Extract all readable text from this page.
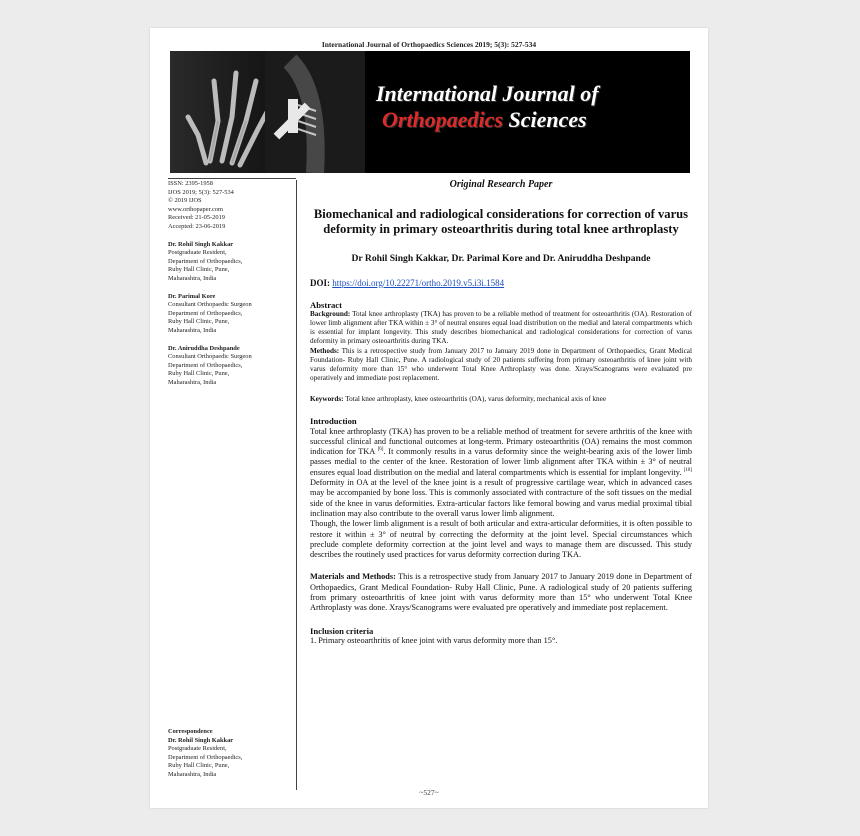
International Journal of Orthopaedics Sciences 2019; 5(3): 527-534
International Journal of
Orthopaedics Sciences
ISSN: 2395-1958
IJOS 2019; 5(3): 527-534
© 2019 IJOS
www.orthopaper.com
Received: 21-05-2019
Accepted: 23-06-2019
Dr. Rohil Singh Kakkar
Postgraduate Resident,
Department of Orthopaedics,
Ruby Hall Clinic, Pune,
Maharashtra, India
Dr. Parimal Kore
Consultant Orthopaedic Surgeon
Department of Orthopaedics,
Ruby Hall Clinic, Pune,
Maharashtra, India
Dr. Aniruddha Deshpande
Consultant Orthopaedic Surgeon
Department of Orthopaedics,
Ruby Hall Clinic, Pune,
Maharashtra, India
Correspondence
Dr. Rohil Singh Kakkar
Postgraduate Resident,
Department of Orthopaedics,
Ruby Hall Clinic, Pune,
Maharashtra, India
Original Research Paper
Biomechanical and radiological considerations for correction of varus deformity in primary osteoarthritis during total knee arthroplasty
Dr Rohil Singh Kakkar, Dr. Parimal Kore and Dr. Aniruddha Deshpande
DOI: https://doi.org/10.22271/ortho.2019.v5.i3i.1584
Abstract

Background: Total knee arthroplasty (TKA) has proven to be a reliable method of treatment for osteoarthritis (OA). Restoration of lower limb alignment after TKA within ± 3° of neutral ensures equal load distribution on the medial and lateral compartments which is essential for implant longevity. This study describes biomechanical and radiological considerations for correction of varus deformity in primary osteoarthritis during TKA.

Methods: This is a retrospective study from January 2017 to January 2019 done in Department of Orthopaedics, Grant Medical Foundation- Ruby Hall Clinic, Pune. A radiological study of 20 patients suffering from primary osteoarthritis of knee joint with varus deformity more than 15° who underwent Total Knee Arthroplasty was done. Xrays/Scanograms were evaluated pre operatively and immediate post replacement.

Keywords: Total knee arthroplasty, knee osteoarthritis (OA), varus deformity, mechanical axis of knee

Introduction

Total knee arthroplasty (TKA) has proven to be a reliable method of treatment for severe arthritis of the knee with successful clinical and functional outcomes at long-term. Primary osteoarthritis (OA) remains the most common indication for TKA [6]. It commonly results in a varus deformity since the weight-bearing axis of the lower limb passes medial to the center of the knee. Restoration of lower limb alignment after TKA within ± 3° of neutral ensures equal load distribution on the medial and lateral compartments which is essential for implant longevity. [10] Deformity in OA at the level of the knee joint is a result of progressive cartilage wear, which in advanced cases may be accompanied by bone loss. This is commonly associated with contracture of the soft tissues on the medial side of the knee in varus deformities. Extra-articular factors like femoral bowing and varus medial proximal tibial inclination may also contribute to the overall varus lower limb alignment.

Though, the lower limb alignment is a result of both articular and extra-articular deformities, it is often possible to restore it within ± 3° of neutral by correcting the deformity at the joint level. Special circumstances which preclude complete deformity correction at the joint level and ways to manage them are discussed. This study describes the routinely used practices for varus deformity correction during TKA.

Materials and Methods: This is a retrospective study from January 2017 to January 2019 done in Department of Orthopaedics, Grant Medical Foundation- Ruby Hall Clinic, Pune. A radiological study of 20 patients suffering from primary osteoarthritis of knee joint with varus deformity more than 15° who underwent Total Knee Arthroplasty was done. Xrays/Scanograms were evaluated pre operatively and immediate post replacement.

Inclusion criteria

1. Primary osteoarthritis of knee joint with varus deformity more than 15°.

~527~
